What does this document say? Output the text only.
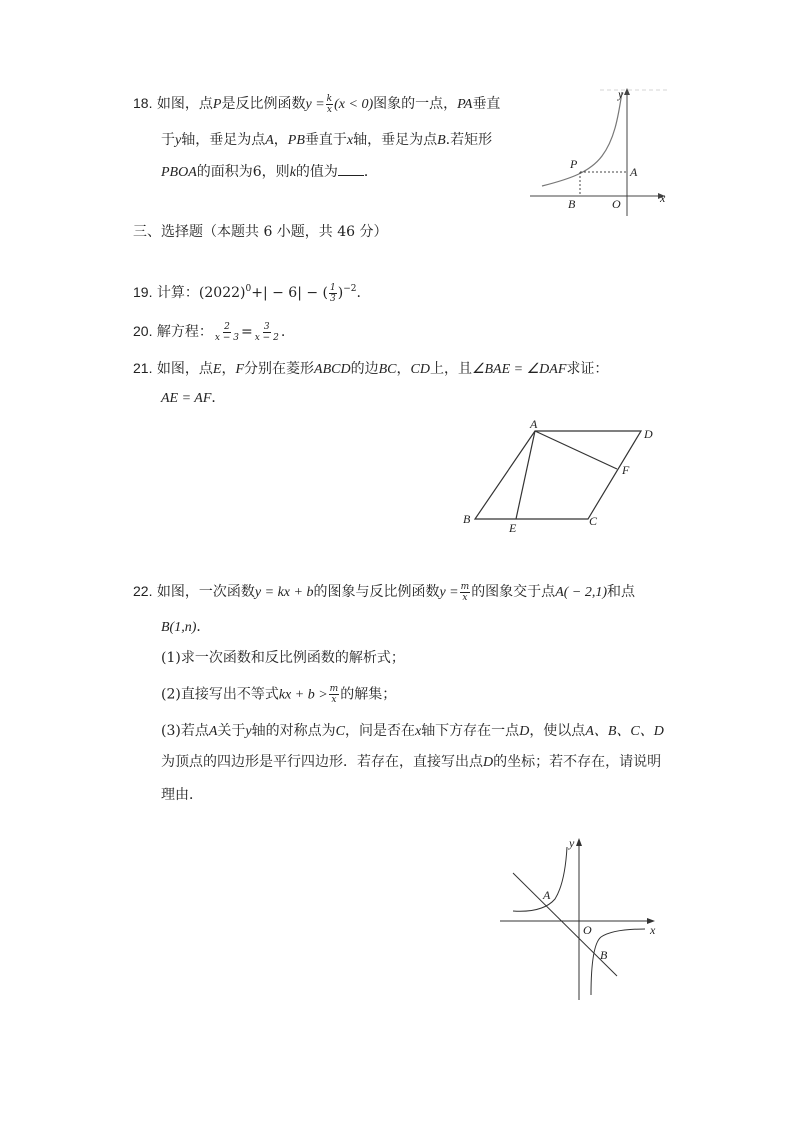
18. 如图，点P是反比例函数$y = \frac{k}{x} (x < 0)$图象的一点，PA垂直
于y轴，垂足为点A，PB垂直于x轴，垂足为点B.若矩形
PBOA的面积为6，则k的值为 ．
y
x
P
A
B	O
三、选择题（本题共 6 小题，共 46 分）
19. 计算：$(2022)^0+| - 6|$ − ( $\frac{1}{3} )^{-2}$.
20. 解方程： $\frac{2}{x - 3} = \frac{3}{x - 2}$ .
21. 如图，点E，F分别在菱形ABCD的边BC，CD上，且∠BAE = ∠DAF求证：
AE = AF．
A
D
F
B	C
E
22. 如图，一次函数y = kx + b的图象与反比例函数$y = \frac{m}{x}$ 的图象交于点A( − 2,1)和点
B(1,n)．
(1)求一次函数和反比例函数的解析式；
(2)直接写出不等式kx + $b > \frac{m}{x}$ 的解集；
(3)若点A关于y轴的对称点为C，问是否在x轴下方存在一点D，使以点A、B、C、D
为顶点的四边形是平行四边形．若存在，直接写出点D的坐标；若不存在，请说明
理由．
A
y
x
O
B
